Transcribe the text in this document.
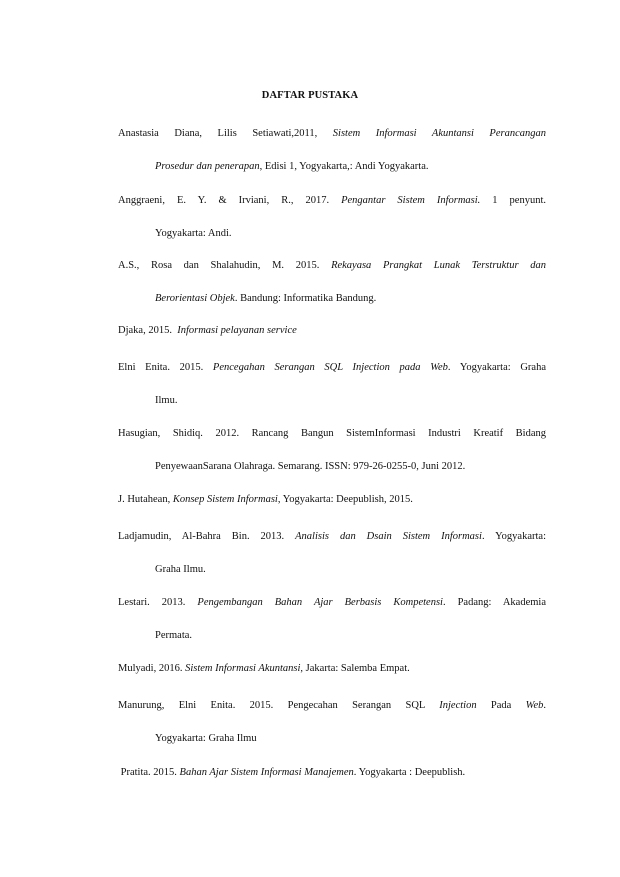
DAFTAR PUSTAKA
Anastasia Diana, Lilis Setiawati,2011, Sistem Informasi Akuntansi Perancangan
Prosedur dan penerapan, Edisi 1, Yogyakarta,: Andi Yogyakarta.
Anggraeni, E. Y. & Irviani, R., 2017. Pengantar Sistem Informasi. 1 penyunt.
Yogyakarta: Andi.
A.S., Rosa dan Shalahudin, M. 2015. Rekayasa Prangkat Lunak Terstruktur dan
Berorientasi Objek. Bandung: Informatika Bandung.
Djaka, 2015.  Informasi pelayanan service
Elni Enita. 2015. Pencegahan Serangan SQL Injection pada Web. Yogyakarta: Graha
Ilmu.
Hasugian, Shidiq. 2012. Rancang Bangun SistemInformasi Industri Kreatif Bidang
PenyewaanSarana Olahraga. Semarang. ISSN: 979-26-0255-0, Juni 2012.
J. Hutahean, Konsep Sistem Informasi, Yogyakarta: Deepublish, 2015.
Ladjamudin, Al-Bahra Bin. 2013. Analisis dan Dsain Sistem Informasi. Yogyakarta:
Graha Ilmu.
Lestari. 2013. Pengembangan Bahan Ajar Berbasis Kompetensi. Padang: Akademia
Permata.
Mulyadi, 2016. Sistem Informasi Akuntansi, Jakarta: Salemba Empat.
Manurung, Elni Enita. 2015. Pengecahan Serangan SQL Injection Pada Web.
Yogyakarta: Graha Ilmu
Pratita. 2015. Bahan Ajar Sistem Informasi Manajemen. Yogyakarta : Deepublish.
